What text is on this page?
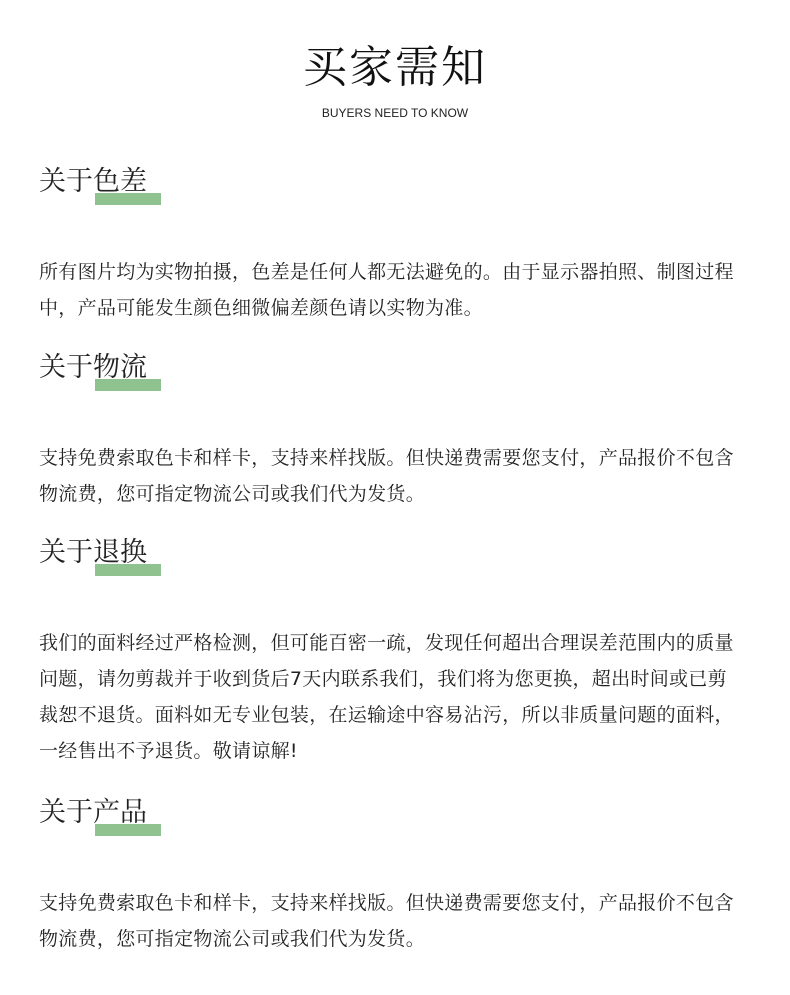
买家需知
BUYERS NEED TO KNOW
关于色差

所有图片均为实物拍摄，色差是任何人都无法避免的。由于显示器拍照、制图过程中，产品可能发生颜色细微偏差颜色请以实物为准。

关于物流

支持免费索取色卡和样卡，支持来样找版。但快递费需要您支付，产品报价不包含物流费，您可指定物流公司或我们代为发货。

关于退换

我们的面料经过严格检测，但可能百密一疏，发现任何超出合理误差范围内的质量问题，请勿剪裁并于收到货后7天内联系我们，我们将为您更换，超出时间或已剪裁恕不退货。面料如无专业包装，在运输途中容易沾污，所以非质量问题的面料，一经售出不予退货。敬请谅解!

关于产品

支持免费索取色卡和样卡，支持来样找版。但快递费需要您支付，产品报价不包含物流费，您可指定物流公司或我们代为发货。
